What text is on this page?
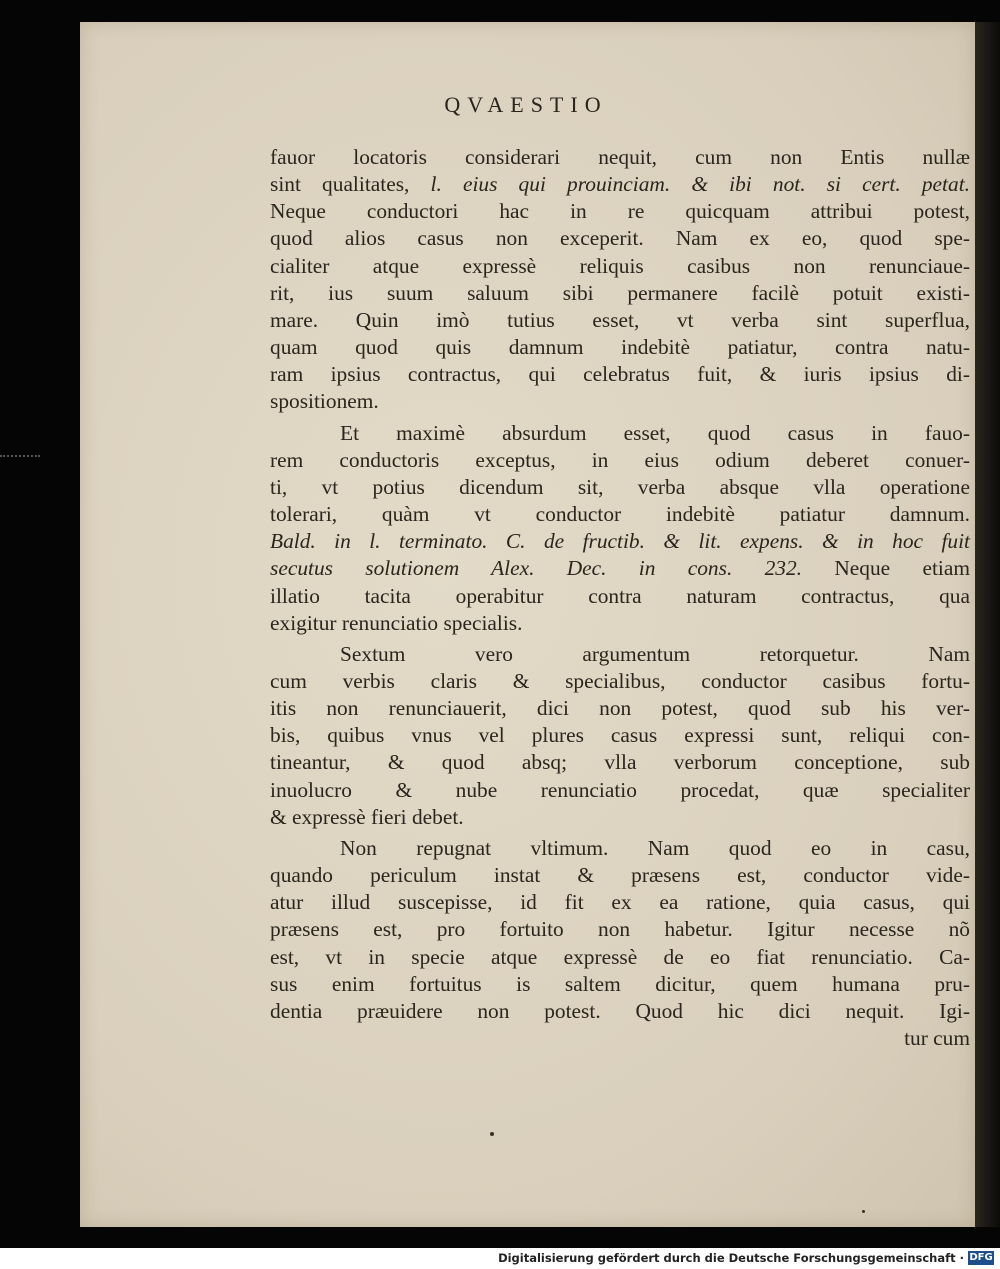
QVAESTIO
fauor locatoris considerari nequit, cum non Entis nullæ
sint qualitates, l. eius qui prouinciam. & ibi not. si cert. petat.
Neque conductori hac in re quicquam attribui potest,
quod alios casus non exceperit. Nam ex eo, quod spe-
cialiter atque expressè reliquis casibus non renunciaue-
rit, ius suum saluum sibi permanere facilè potuit existi-
mare. Quin imò tutius esset, vt verba sint superflua,
quam quod quis damnum indebitè patiatur, contra natu-
ram ipsius contractus, qui celebratus fuit, & iuris ipsius di-
spositionem.
Et maximè absurdum esset, quod casus in fauo-
rem conductoris exceptus, in eius odium deberet conuer-
ti, vt potius dicendum sit, verba absque vlla operatione
tolerari, quàm vt conductor indebitè patiatur damnum.
Bald. in l. terminato. C. de fructib. & lit. expens. & in hoc fuit
secutus solutionem Alex. Dec. in cons. 232. Neque etiam
illatio tacita operabitur contra naturam contractus, qua
exigitur renunciatio specialis.
Sextum vero argumentum retorquetur. Nam
cum verbis claris & specialibus, conductor casibus fortu-
itis non renunciauerit, dici non potest, quod sub his ver-
bis, quibus vnus vel plures casus expressi sunt, reliqui con-
tineantur, & quod absq; vlla verborum conceptione, sub
inuolucro & nube renunciatio procedat, quæ specialiter
& expressè fieri debet.
Non repugnat vltimum. Nam quod eo in casu,
quando periculum instat & præsens est, conductor vide-
atur illud suscepisse, id fit ex ea ratione, quia casus, qui
præsens est, pro fortuito non habetur. Igitur necesse nõ
est, vt in specie atque expressè de eo fiat renunciatio. Ca-
sus enim fortuitus is saltem dicitur, quem humana pru-
dentia præuidere non potest. Quod hic dici nequit. Igi-
tur cum
Digitalisierung gefördert durch die Deutsche Forschungsgemeinschaft · DFG
